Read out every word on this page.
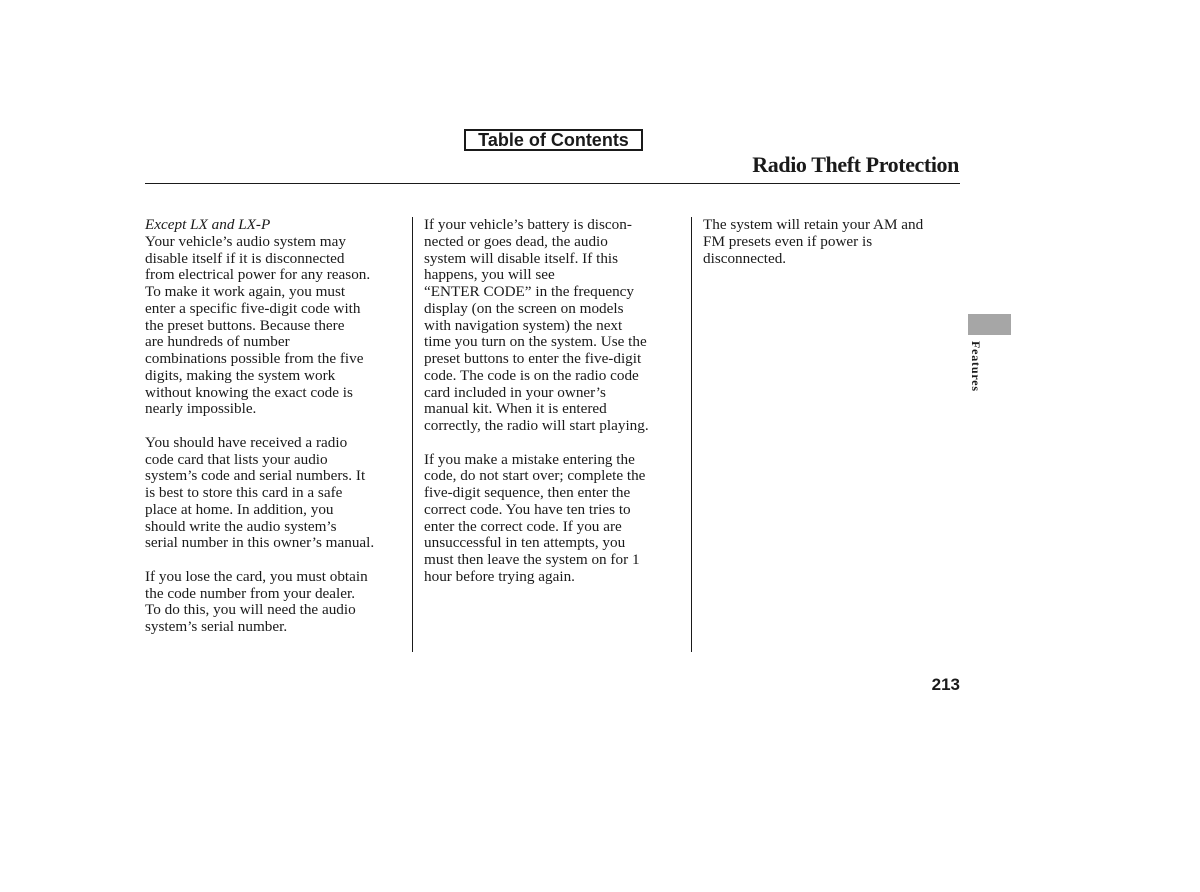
Table of Contents
Radio Theft Protection
Except LX and LX-P

Your vehicle’s audio system may
disable itself if it is disconnected
from electrical power for any reason.
To make it work again, you must
enter a specific five-digit code with
the preset buttons. Because there
are hundreds of number
combinations possible from the five
digits, making the system work
without knowing the exact code is
nearly impossible.

You should have received a radio
code card that lists your audio
system’s code and serial numbers. It
is best to store this card in a safe
place at home. In addition, you
should write the audio system’s
serial number in this owner’s manual.

If you lose the card, you must obtain
the code number from your dealer.
To do this, you will need the audio
system’s serial number.

If your vehicle’s battery is discon-
nected or goes dead, the audio
system will disable itself. If this
happens, you will see
“ENTER CODE” in the frequency
display (on the screen on models
with navigation system) the next
time you turn on the system. Use the
preset buttons to enter the five-digit
code. The code is on the radio code
card included in your owner’s
manual kit. When it is entered
correctly, the radio will start playing.

If you make a mistake entering the
code, do not start over; complete the
five-digit sequence, then enter the
correct code. You have ten tries to
enter the correct code. If you are
unsuccessful in ten attempts, you
must then leave the system on for 1
hour before trying again.

The system will retain your AM and
FM presets even if power is
disconnected.

Features
213
